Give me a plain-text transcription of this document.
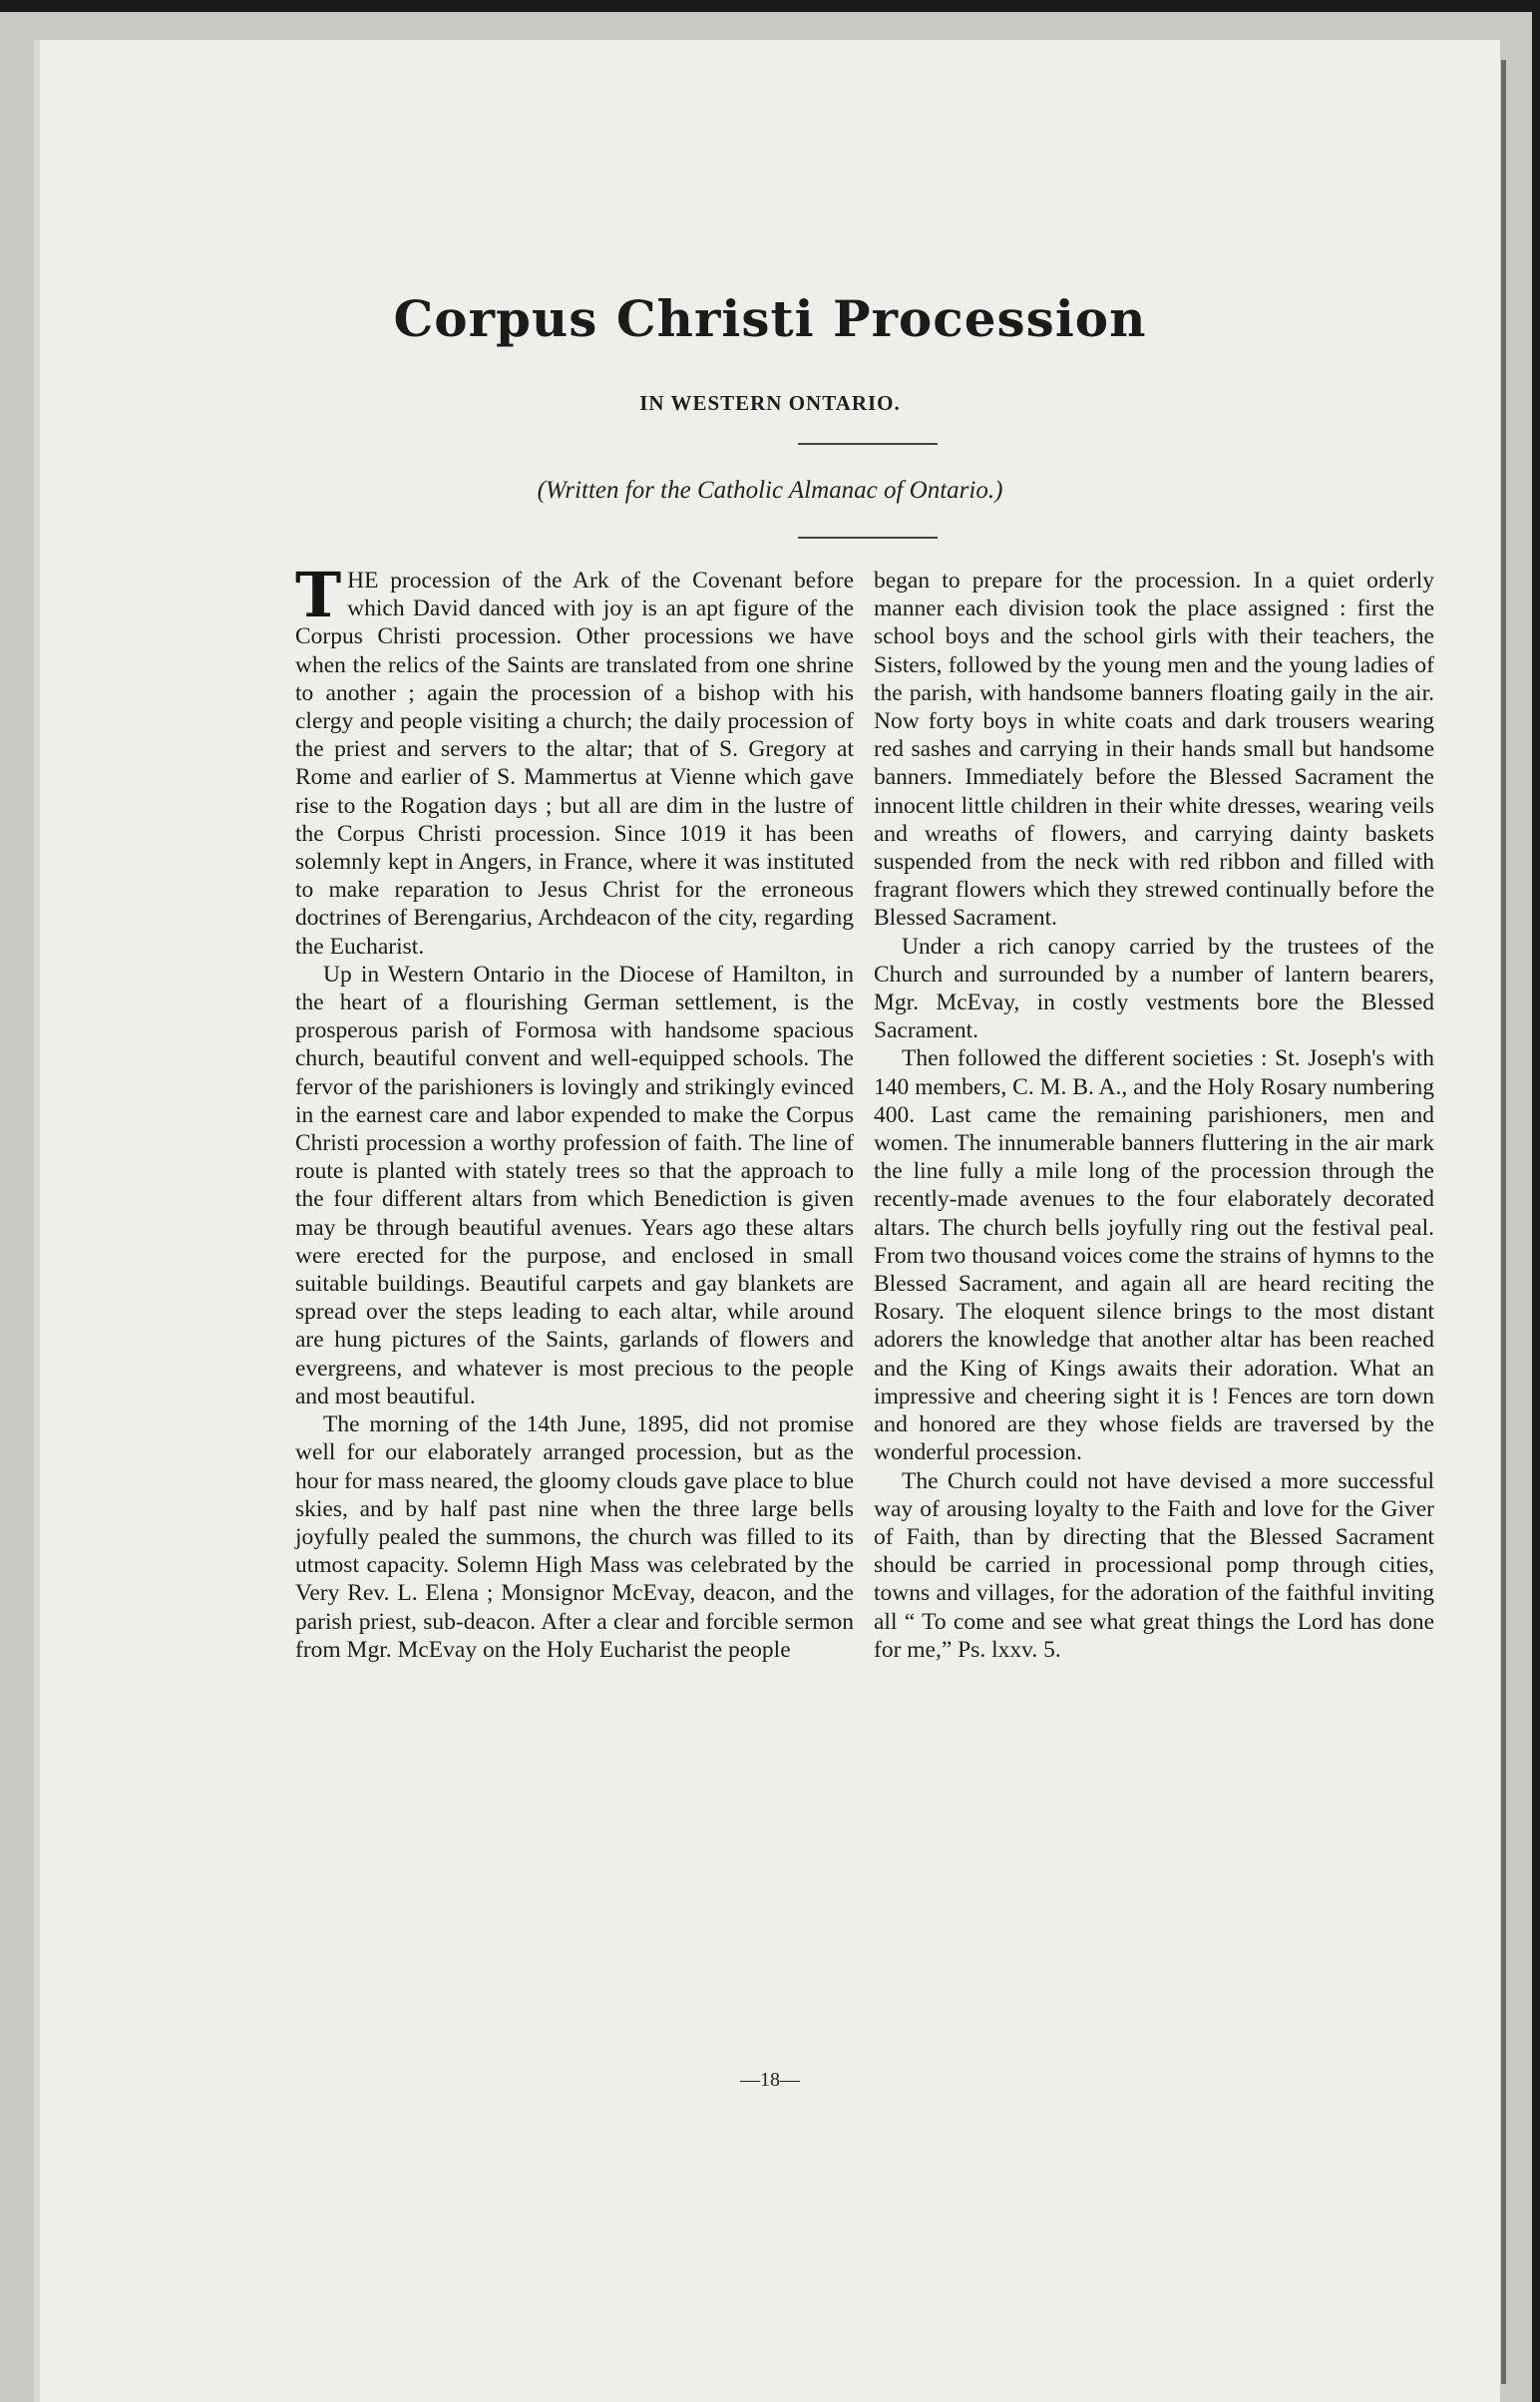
Corpus Christi Procession
IN WESTERN ONTARIO.
(Written for the Catholic Almanac of Ontario.)

THE procession of the Ark of the Covenant before which David danced with joy is an apt figure of the Corpus Christi procession. Other processions we have when the relics of the Saints are translated from one shrine to another ; again the procession of a bishop with his clergy and people visiting a church; the daily procession of the priest and servers to the altar; that of S. Gregory at Rome and earlier of S. Mammertus at Vienne which gave rise to the Rogation days ; but all are dim in the lustre of the Corpus Christi procession. Since 1019 it has been solemnly kept in Angers, in France, where it was instituted to make reparation to Jesus Christ for the erroneous doctrines of Berengarius, Archdeacon of the city, regarding the Eucharist.

Up in Western Ontario in the Diocese of Hamilton, in the heart of a flourishing German settlement, is the prosperous parish of Formosa with handsome spacious church, beautiful convent and well-equipped schools. The fervor of the parishioners is lovingly and strikingly evinced in the earnest care and labor expended to make the Corpus Christi procession a worthy profession of faith. The line of route is planted with stately trees so that the approach to the four different altars from which Benediction is given may be through beautiful avenues. Years ago these altars were erected for the purpose, and enclosed in small suitable buildings. Beautiful carpets and gay blankets are spread over the steps leading to each altar, while around are hung pictures of the Saints, garlands of flowers and evergreens, and whatever is most precious to the people and most beautiful.

The morning of the 14th June, 1895, did not promise well for our elaborately arranged procession, but as the hour for mass neared, the gloomy clouds gave place to blue skies, and by half past nine when the three large bells joyfully pealed the summons, the church was filled to its utmost capacity. Solemn High Mass was celebrated by the Very Rev. L. Elena ; Monsignor McEvay, deacon, and the parish priest, sub-deacon. After a clear and forcible sermon from Mgr. McEvay on the Holy Eucharist the people

began to prepare for the procession. In a quiet orderly manner each division took the place assigned : first the school boys and the school girls with their teachers, the Sisters, followed by the young men and the young ladies of the parish, with handsome banners floating gaily in the air. Now forty boys in white coats and dark trousers wearing red sashes and carrying in their hands small but handsome banners. Immediately before the Blessed Sacrament the innocent little children in their white dresses, wearing veils and wreaths of flowers, and carrying dainty baskets suspended from the neck with red ribbon and filled with fragrant flowers which they strewed continually before the Blessed Sacrament.

Under a rich canopy carried by the trustees of the Church and surrounded by a number of lantern bearers, Mgr. McEvay, in costly vestments bore the Blessed Sacrament.

Then followed the different societies : St. Joseph's with 140 members, C. M. B. A., and the Holy Rosary numbering 400. Last came the remaining parishioners, men and women. The innumerable banners fluttering in the air mark the line fully a mile long of the procession through the recently-made avenues to the four elaborately decorated altars. The church bells joyfully ring out the festival peal. From two thousand voices come the strains of hymns to the Blessed Sacrament, and again all are heard reciting the Rosary. The eloquent silence brings to the most distant adorers the knowledge that another altar has been reached and the King of Kings awaits their adoration. What an impressive and cheering sight it is ! Fences are torn down and honored are they whose fields are traversed by the wonderful procession.

The Church could not have devised a more successful way of arousing loyalty to the Faith and love for the Giver of Faith, than by directing that the Blessed Sacrament should be carried in processional pomp through cities, towns and villages, for the adoration of the faithful inviting all “ To come and see what great things the Lord has done for me,” Ps. lxxv. 5.

—18—
